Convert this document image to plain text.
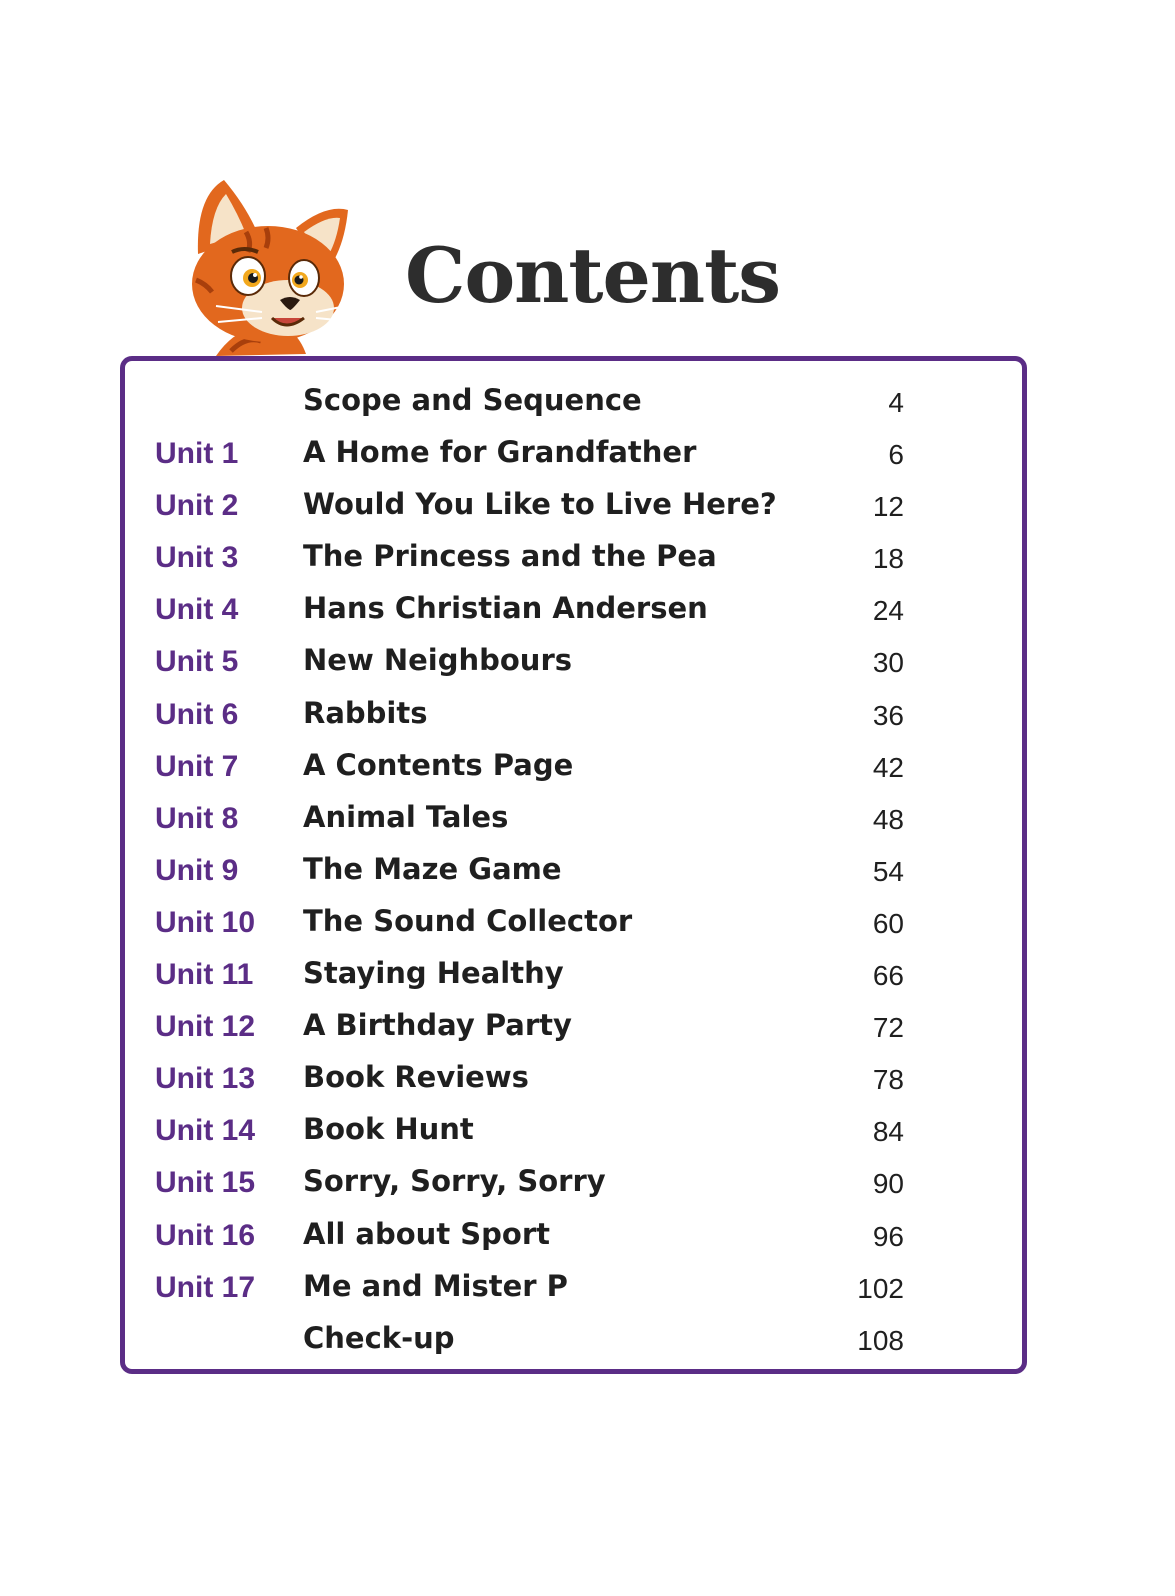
Contents
Scope and Sequence	4
Unit 1 A Home for Grandfather	6
Unit 2 Would You Like to Live Here?	12
Unit 3 The Princess and the Pea	18
Unit 4 Hans Christian Andersen	24
Unit 5 New Neighbours	30
Unit 6 Rabbits	36
Unit 7 A Contents Page	42
Unit 8 Animal Tales	48
Unit 9 The Maze Game	54
Unit 10 The Sound Collector	60
Unit 11 Staying Healthy	66
Unit 12 A Birthday Party	72
Unit 13 Book Reviews	78
Unit 14 Book Hunt	84
Unit 15 Sorry, Sorry, Sorry	90
Unit 16 All about Sport	96
Unit 17 Me and Mister P	102
Check-up	108
